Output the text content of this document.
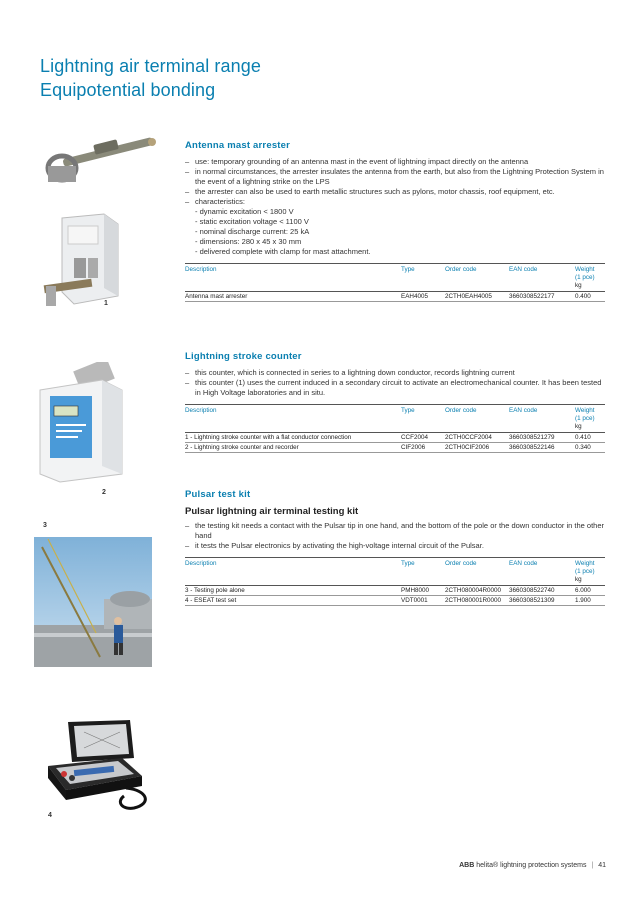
Lightning air terminal range
Equipotential bonding
1
Antenna mast arrester
– use: temporary grounding of an antenna mast in the event of lightning impact directly on the antenna
– in normal circumstances, the arrester insulates the antenna from the earth, but also from the Lightning Protection System in the event of a lightning strike on the LPS
– the arrester can also be used to earth metallic structures such as pylons, motor chassis, roof equipment, etc.
– characteristics:
- dynamic excitation < 1800 V
- static excitation voltage < 1100 V
- nominal discharge current: 25 kA
- dimensions: 280 x 45 x 30 mm
- delivered complete with clamp for mast attachment.
Description	Type	Order code	EAN code	Weight
(1 pce)
kg
Antenna mast arrester	EAH4005	2CTH0EAH4005	3660308522177	0.400
2
Lightning stroke counter
– this counter, which is connected in series to a lightning down conductor, records lightning current
– this counter (1) uses the current induced in a secondary circuit to activate an electromechanical counter. It has been tested in High Voltage laboratories and in situ.
Description	Type	Order code	EAN code	Weight
(1 pce)
kg
1 - Lightning stroke counter with a flat conductor connection	CCF2004	2CTH0CCF2004	3660308521279	0.410
2 - Lightning stroke counter and recorder	CIF2006	2CTH0CIF2006	3660308522146	0.340
3
4
Pulsar test kit
Pulsar lightning air terminal testing kit
– the testing kit needs a contact with the Pulsar tip in one hand, and the bottom of the pole or the down conductor in the other hand
– it tests the Pulsar electronics by activating the high-voltage internal circuit of the Pulsar.
Description	Type	Order code	EAN code	Weight
(1 pce)
kg
3 - Testing pole alone	PMH8000	2CTH080004R0000	3660308522740	6.000
4 - ESEAT test set	VDT0001	2CTH080001R0000	3660308521309	1.900
ABB helita® lightning protection systems | 41
